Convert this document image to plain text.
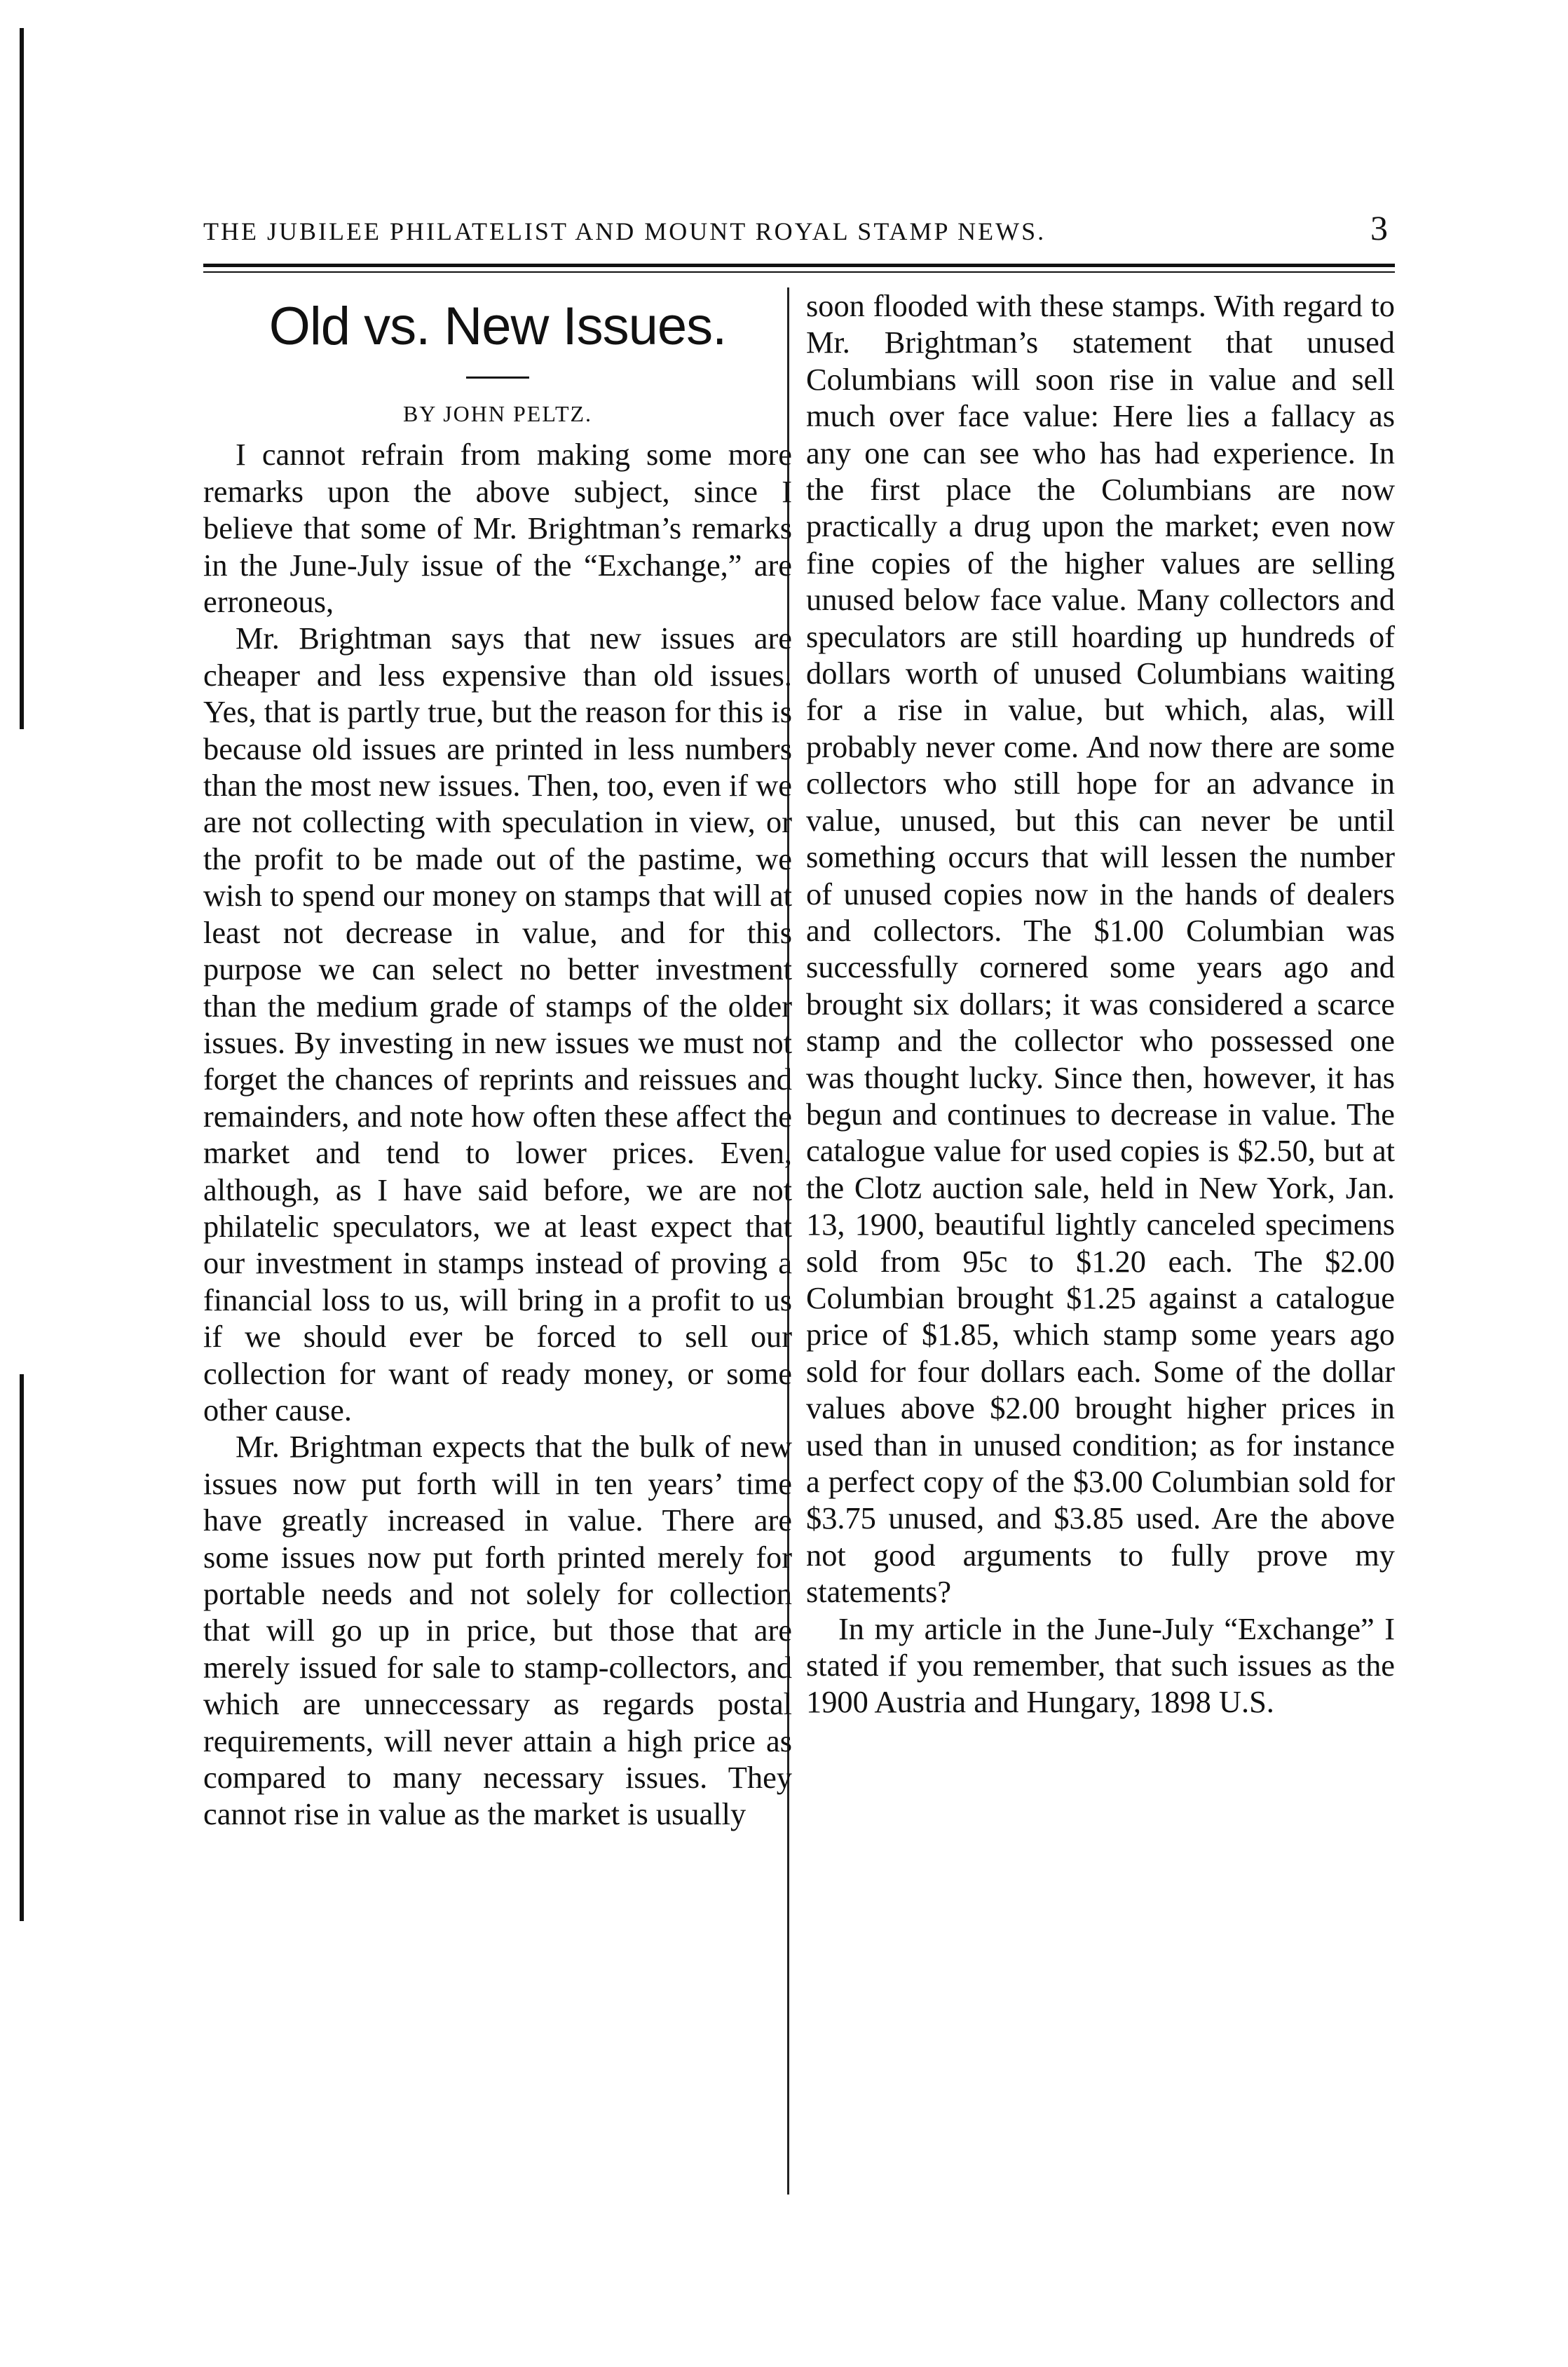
THE JUBILEE PHILATELIST AND MOUNT ROYAL STAMP NEWS.	3
Old vs. New Issues.
BY JOHN PELTZ.

I cannot refrain from making some more remarks upon the above subject, since I believe that some of Mr. Brightman’s remarks in the June-July issue of the “Exchange,” are erroneous,

Mr. Brightman says that new issues are cheaper and less expensive than old issues. Yes, that is partly true, but the reason for this is because old issues are printed in less numbers than the most new issues. Then, too, even if we are not collecting with speculation in view, or the profit to be made out of the pastime, we wish to spend our money on stamps that will at least not decrease in value, and for this purpose we can select no better investment than the medium grade of stamps of the older issues. By investing in new issues we must not forget the chances of reprints and reissues and remainders, and note how often these affect the market and tend to lower prices. Even, although, as I have said before, we are not philatelic speculators, we at least expect that our investment in stamps instead of proving a financial loss to us, will bring in a profit to us if we should ever be forced to sell our collection for want of ready money, or some other cause.

Mr. Brightman expects that the bulk of new issues now put forth will in ten years’ time have greatly increased in value. There are some issues now put forth printed merely for portable needs and not solely for collection that will go up in price, but those that are merely issued for sale to stamp-collectors, and which are unneccessary as regards postal requirements, will never attain a high price as compared to many necessary issues. They cannot rise in value as the market is usually

soon flooded with these stamps. With regard to Mr. Brightman’s statement that unused Columbians will soon rise in value and sell much over face value: Here lies a fallacy as any one can see who has had experience. In the first place the Columbians are now practically a drug upon the market; even now fine copies of the higher values are selling unused below face value. Many collectors and speculators are still hoarding up hundreds of dollars worth of unused Columbians waiting for a rise in value, but which, alas, will probably never come. And now there are some collectors who still hope for an advance in value, unused, but this can never be until something occurs that will lessen the number of unused copies now in the hands of dealers and collectors. The $1.00 Columbian was successfully cornered some years ago and brought six dollars; it was considered a scarce stamp and the collector who possessed one was thought lucky. Since then, however, it has begun and continues to decrease in value. The catalogue value for used copies is $2.50, but at the Clotz auction sale, held in New York, Jan. 13, 1900, beautiful lightly canceled specimens sold from 95c to $1.20 each. The $2.00 Columbian brought $1.25 against a catalogue price of $1.85, which stamp some years ago sold for four dollars each. Some of the dollar values above $2.00 brought higher prices in used than in unused condition; as for instance a perfect copy of the $3.00 Columbian sold for $3.75 unused, and $3.85 used. Are the above not good arguments to fully prove my statements?

In my article in the June-July “Exchange” I stated if you remember, that such issues as the 1900 Austria and Hungary, 1898 U.S.
